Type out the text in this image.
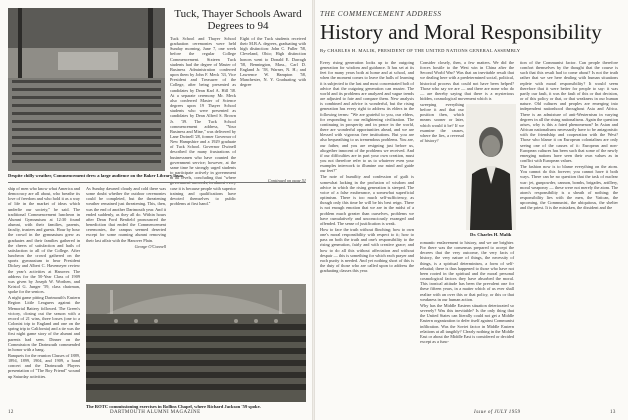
Tuck, Thayer Schools Award Degrees to 94

Tuck School and Thayer School graduation ceremonies were held Sunday morning, June 7, one week before the regular College Commencement. Sixteen Tuck students had the degree of Master of Business Administration conferred upon them by John F. Meck '33, Vice President and Treasurer of the College, after being presented as candidates by Dean Karl A. Hill '38. At a separate ceremony Mr. Meck also conferred Master of Science degrees upon 19 Thayer School students who were presented as candidates by Dean Alfred S. Brown Jr. '39. The Tuck School commencement address, "Your Business and Mine," was delivered by Lane Dwinell '28, former Governor of New Hampshire and a 1929 graduate of Tuck School. Governor Dwinell described the many frustrations of businessmen who have counted the government service; however, at the same time he strongly urged students to participate actively in government at all levels, concluding that "where government succeeds, in almost every case it is because people with superior training and qualifications have devoted themselves to public problems at first hand."

Eight of the Tuck students received their M.B.A. degrees, graduating with high distinction: John C. Fuller '58, Cleveland, Ohio; High distinction honors went to Donald E. Darragh '58, Bennington, Mass., Carl D. England Jr. '58, Warner, N. H.; and Lawrence W. Hampton '58, Manchester, N. Y. Graduating with degree

Continued on page 51
Despite chilly weather, Commencement drew a large audience on the Baker Library lawn.

ship of men who know what America and democracy are all about, who breathe its love of freedom and who hold it as a way of life in the market of ideas which underlie our society," he said. The traditional Commencement luncheon in Alumni Gymnasium at 12:30 found alumni, with their families, parents, faculty, trustees and guests. Hour by hour the crowd in the gymnasium grew as graduates and their families gathered in the cheers of satisfaction and hails of satisfaction to all of the College. After luncheon the crowd gathered on the sports gymnasium to hear President Dickey and Albert C. Havemeyer review the year's activities at Hanover. The address for the 50-Year Class of 1909 was given by Joseph W. Worthen, and Kristol G. Junger '59, class chairman, spoke for the seniors.

A night game pitting Dartmouth's Eastern Region Little Leaguers against the Memorial Battery followed. The Green's victory, closing out the season with a record of 21 wins, three losses (one to a Colonist trip to England and one on the spring trip to California) and a tie was the first night game story of the alumni and parents had seen. Dinner on the Commission the Dartmouth commended in honor with a bang.

Banquets for the reunion Classes of 1889, 1894, 1899, 1904, and 1909, a band concert and the Dartmouth Players presentation of "The Boy Friend" wound up Saturday activities.

As Sunday dawned cloudy and cold there was some doubt whether the outdoor ceremonies could be completed, but the threatening weather remained just threatening. This, then, was the end of another Dartmouth year. And it ended suddenly, as they all do. Within hours after Dean Ford Benfield pronounced the benediction that ended the Commencement ceremonies, the campus seemed deserted except for some roaming alumni removing their last affair with the Hanover Plain.

George O'Connell

The ROTC commissioning exercises in Rollins Chapel, where Richard Jackson '59 spoke.
12	DARTMOUTH ALUMNI MAGAZINE
THE COMMENCEMENT ADDRESS
History and Moral Responsibility
By CHARLES H. MALIK, PRESIDENT OF THE UNITED NATIONS GENERAL ASSEMBLY

Every rising generation looks up to the outgoing generation for wisdom and guidance. It has set at its feet for many years both at home and at school, and when the moment comes to leave the halls of learning it is subjected to the last and most concentrated bolt of advice that the outgoing generation can muster. The world and its problems are analyzed and vague trends are adjusted to fate and compare them. New analysis is combined and advice is wonderful, but the rising generation has every right to address its elders in the following terms: "We are grateful to you, our elders, for responding to our enlightening civilization. The continuing in prosperity and in peace in the world, there are wonderful opportunities ahead, and we are blessed with vigorous free institutions. But you are also bequeathing to us tremendous problems. You are, our father, and you are resigning just before us, altogether innocent of the problems we received. And if our difficulties are in part your own creation, must you not therefore refer to us to whatever even your examples interwork to illumine our mind and guide our feet?"

The note of humility and confession of guilt is somewhat lacking in the profusion of wisdom and advice in which the rising generation is steeped. The voice of a false exuberance, a somewhat superficial optimism. There is too much self-sufficiency, as though only this time he will be his best reign. There is not enough emotion that we are in the midst of a problem much greater than ourselves, problems we have cumulatively and unconsciously exranged and offended. The sense of justification is weak.

How to face the truth without flinching; how to own one's moral responsibility with respect to it; how to pass on both the truth and one's responsibility to the rising generation, fairly and with creative grace; and how to do all this without affectation and without despair — this is something for which each prayer and each purity is needed. And yet nothing short of this is the duty of those who are called upon to address the graduating classes this year.

Consider closely, then, a few matters. We did the forces hostile to the West win in China after the Second World War? Was that an inevitable result that we dealing here with a predetermined social, political, historical process that could not have been helped? Those who say we are — and there are none who do — are thereby saying that there is a mysterious hidden, cosmological movement which is

sweeping everything before it and that our position then, which means sooner or later, which would it be? If we examine the causes, where the lies, a reversal of history?

Dr. Charles H. Malik

romantic enslavement to history, and we are brighter. For there was the consensus prepared to accept the decrees that the very outcome, the very facts of history, the very nature of things, the necessity of things, is a spiritual determinism, a form of self-rebuttal; there is thus happened to those who have not been rooted in the spiritual and the moral personal cosmological factors they have absorbed the moral. This ironical attitude has been the prevalent one for these fifteen years, in a matter which of us ever shall realize with an over this or that policy, or this or that weakness in our human action.

Why has the Middle Eastern situation deteriorated so severely? Was this inevitable? Is the only thing that the United States can literally could not get a Middle Eastern organization to defer itself against Communist infiltration. Was the Soviet factor in Middle Eastern relations at all tangibly? Clearly nothing in the Middle East or about the Middle East is considered or decided except as a func-

tion of the Communist factor. Can people therefore comfort themselves by the thought that the course is such that this result had to come about? Is not the truth rather that we see here dealing with human situations replete with moral responsibility? It would seem therefore that it were better for people to say: it was partly our fault, it was the fault of this or that decision, or of this policy or that, or that weakness in our human nature. Old cultures and peoples are emerging into independent nationhood throughout Asia and Africa. There is an admixture of anti-Westernism in varying degrees in all the rising nationalisms. Again the question arises, why is this a fated phenomenon? In Asian and African nationalisms necessarily have to be antagonistic with the friendship and cooperation with the West? Those who blame it on European colonialism are only seeing one of the causes of it: European and non-European cultures has been such that some of the newly emerging nations have seen their own values as in conflict with European values.

The fashion now is to blame everything on the atom. You cannot do this forever; you cannot have it both ways. There can be no question that the task of nuclear war: jet, gunpowder, cannon, bombs, brigades, artillery, moral weaponry — these were not merely the atom. The atom's responsibility is a sheath of nothing; the responsibility lies with the men, the Vatican, the upcoming, the Communist, the ubiquitous, the shelter and the priest. It is the mistaken, the dissident and the

Issue of JULY 1959	13
